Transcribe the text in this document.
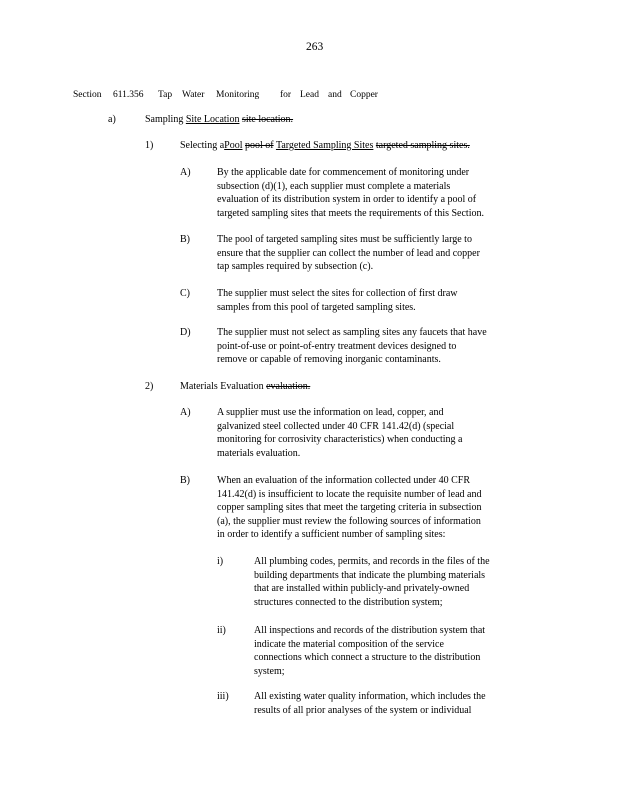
263
Section 611.356 Tap Water Monitoring for Lead and Copper
a)	Sampling Site Location site location.
1)	Selecting aPool pool of Targeted Sampling Sites targeted sampling sites.
A)	By the applicable date for commencement of monitoring under
subsection (d)(1), each supplier must complete a materials
evaluation of its distribution system in order to identify a pool of
targeted sampling sites that meets the requirements of this Section.
B)	The pool of targeted sampling sites must be sufficiently large to
ensure that the supplier can collect the number of lead and copper
tap samples required by subsection (c).
C)	The supplier must select the sites for collection of first draw
samples from this pool of targeted sampling sites.
D)	The supplier must not select as sampling sites any faucets that have
point-of-use or point-of-entry treatment devices designed to
remove or capable of removing inorganic contaminants.
2)	Materials Evaluation evaluation.
A)	A supplier must use the information on lead, copper, and
galvanized steel collected under 40 CFR 141.42(d) (special
monitoring for corrosivity characteristics) when conducting a
materials evaluation.
B)	When an evaluation of the information collected under 40 CFR
141.42(d) is insufficient to locate the requisite number of lead and
copper sampling sites that meet the targeting criteria in subsection
(a), the supplier must review the following sources of information
in order to identify a sufficient number of sampling sites:
i)	All plumbing codes, permits, and records in the files of the
building departments that indicate the plumbing materials
that are installed within publicly-and privately-owned
structures connected to the distribution system;
ii)	All inspections and records of the distribution system that
indicate the material composition of the service
connections which connect a structure to the distribution
system;
iii)	All existing water quality information, which includes the
results of all prior analyses of the system or individual
